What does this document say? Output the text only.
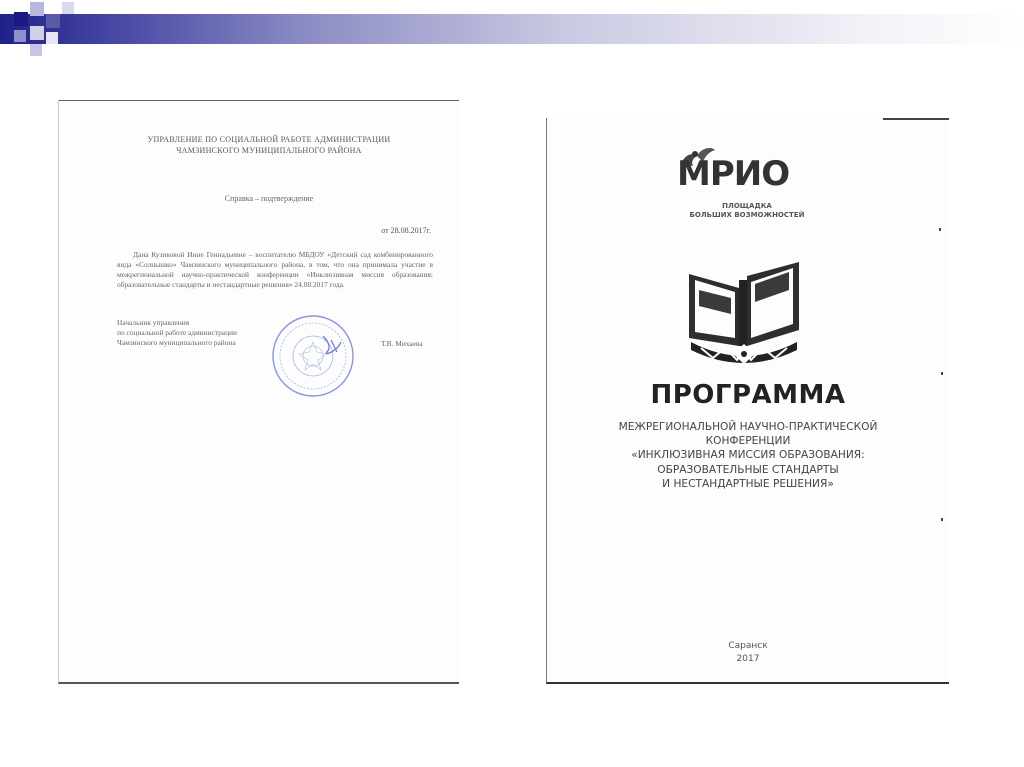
УПРАВЛЕНИЕ ПО СОЦИАЛЬНОЙ РАБОТЕ АДМИНИСТРАЦИИ
ЧАМЗИНСКОГО МУНИЦИПАЛЬНОГО РАЙОНА
Справка – подтверждение
от 28.08.2017г.
Дана Кузиковой Инне Геннадьевне – воспитателю МБДОУ «Детский сад комбинированного вида «Солнышко» Чамзинского муниципального района, в том, что она принимала участие в межрегиональной научно-практической конференции «Инклюзивная миссия образования: образовательные стандарты и нестандартные решения» 24.08.2017 года.
Начальник управления
по социальной работе администрации
Чамзинского муниципального района	Т.В. Михаева
МРИО
ПЛОЩАДКА
БОЛЬШИХ ВОЗМОЖНОСТЕЙ
ПРОГРАММА
МЕЖРЕГИОНАЛЬНОЙ НАУЧНО-ПРАКТИЧЕСКОЙ
КОНФЕРЕНЦИИ
«ИНКЛЮЗИВНАЯ МИССИЯ ОБРАЗОВАНИЯ:
ОБРАЗОВАТЕЛЬНЫЕ СТАНДАРТЫ
И НЕСТАНДАРТНЫЕ РЕШЕНИЯ»
Саранск
2017
